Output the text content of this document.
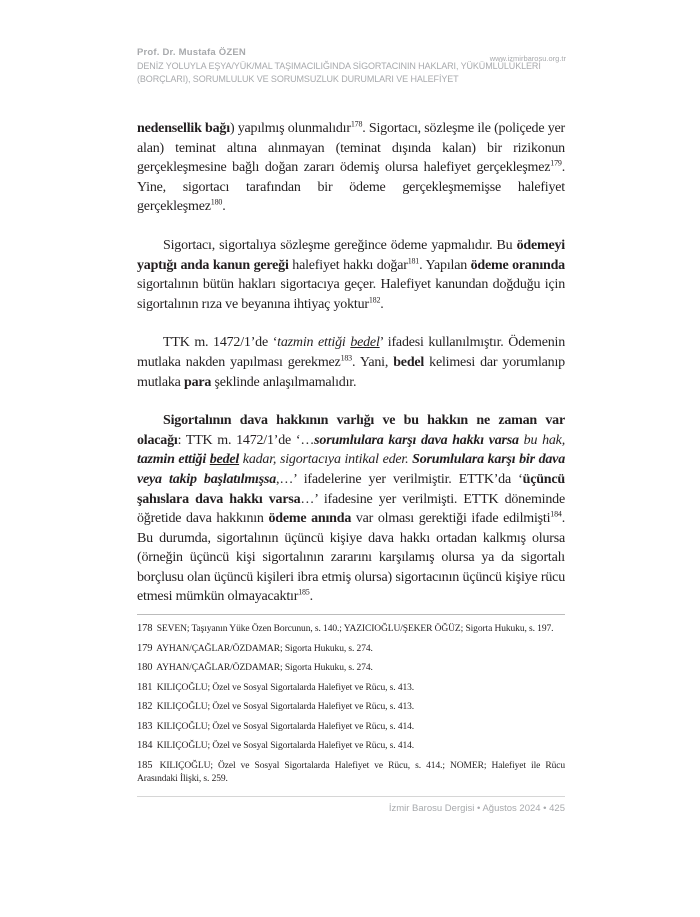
Prof. Dr. Mustafa ÖZEN
DENİZ YOLUYLA EŞYA/YÜK/MAL TAŞIMACILIĞINDA SİGORTACININ HAKLARI, YÜKÜMLÜLÜKLERİ (BORÇLARI), SORUMLULUK VE SORUMSUZLUK DURUMLARI VE HALEFİYET
www.izmirbarosu.org.tr

nedensellik bağı) yapılmış olunmalıdır$^{178}$. Sigortacı, sözleşme ile (poliçede yer alan) teminat altına alınmayan (teminat dışında kalan) bir rizikonun gerçekleşmesine bağlı doğan zararı ödemiş olursa halefiyet gerçekleşmez$^{179}$. Yine, sigortacı tarafından bir ödeme gerçekleşmemişse halefiyet gerçekleşmez$^{180}$.

Sigortacı, sigortalıya sözleşme gereğince ödeme yapmalıdır. Bu ödemeyi yaptığı anda kanun gereği halefiyet hakkı doğar$^{181}$. Yapılan ödeme oranında sigortalının bütün hakları sigortacıya geçer. Halefiyet kanundan doğduğu için sigortalının rıza ve beyanına ihtiyaç yoktur$^{182}$.

TTK m. 1472/1’de ‘tazmin ettiği bedel’ ifadesi kullanılmıştır. Ödemenin mutlaka nakden yapılması gerekmez$^{183}$. Yani, bedel kelimesi dar yorumlanıp mutlaka para şeklinde anlaşılmamalıdır.

Sigortalının dava hakkının varlığı ve bu hakkın ne zaman var olacağı: TTK m. 1472/1’de ‘…sorumlulara karşı dava hakkı varsa bu hak, tazmin ettiği bedel kadar, sigortacıya intikal eder. Sorumlulara karşı bir dava veya takip başlatılmışsa,…’ ifadelerine yer verilmiştir. ETTK’da ‘üçüncü şahıslara dava hakkı varsa…’ ifadesine yer verilmişti. ETTK döneminde öğretide dava hakkının ödeme anında var olması gerektiği ifade edilmişti$^{184}$. Bu durumda, sigortalının üçüncü kişiye dava hakkı ortadan kalkmış olursa (örneğin üçüncü kişi sigortalının zararını karşılamış olursa ya da sigortalı borçlusu olan üçüncü kişileri ibra etmiş olursa) sigortacının üçüncü kişiye rücu etmesi mümkün olmayacaktır$^{185}$.

178 SEVEN; Taşıyanın Yüke Özen Borcunun, s. 140.; YAZICIOĞLU/ŞEKER ÖĞÜZ; Sigorta Hukuku, s. 197.
179 AYHAN/ÇAĞLAR/ÖZDAMAR; Sigorta Hukuku, s. 274.
180 AYHAN/ÇAĞLAR/ÖZDAMAR; Sigorta Hukuku, s. 274.
181 KILIÇOĞLU; Özel ve Sosyal Sigortalarda Halefiyet ve Rücu, s. 413.
182 KILIÇOĞLU; Özel ve Sosyal Sigortalarda Halefiyet ve Rücu, s. 413.
183 KILIÇOĞLU; Özel ve Sosyal Sigortalarda Halefiyet ve Rücu, s. 414.
184 KILIÇOĞLU; Özel ve Sosyal Sigortalarda Halefiyet ve Rücu, s. 414.
185 KILIÇOĞLU; Özel ve Sosyal Sigortalarda Halefiyet ve Rücu, s. 414.; NOMER; Halefiyet ile Rücu Arasındaki İlişki, s. 259.
İzmir Barosu Dergisi • Ağustos 2024 • 425
